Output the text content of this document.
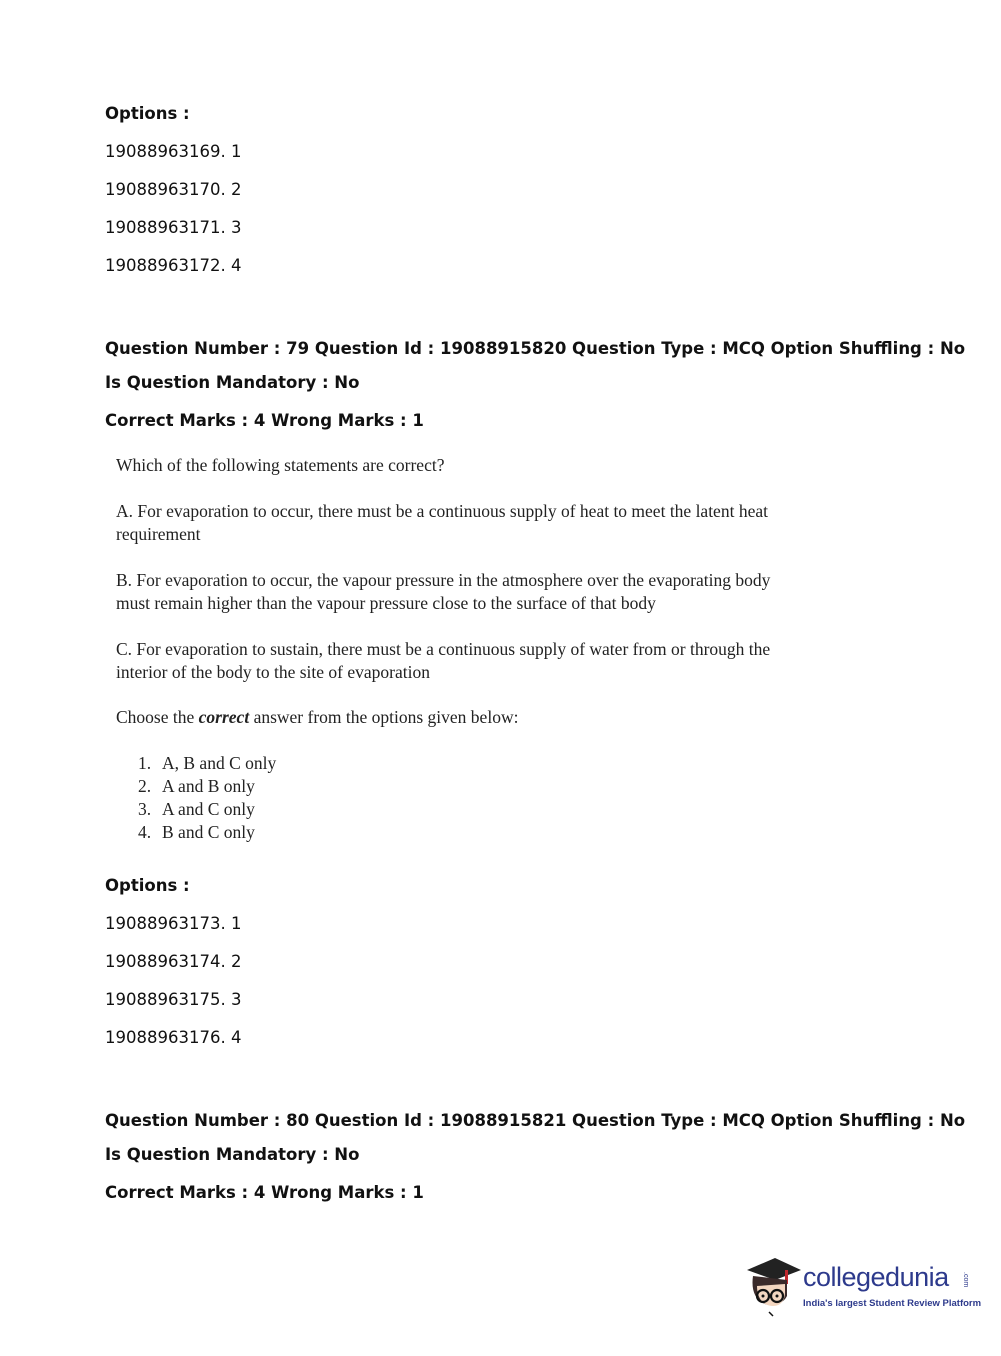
Options :
19088963169. 1
19088963170. 2
19088963171. 3
19088963172. 4
Question Number : 79 Question Id : 19088915820 Question Type : MCQ Option Shuffling : No
Is Question Mandatory : No
Correct Marks : 4 Wrong Marks : 1
Which of the following statements are correct?
A. For evaporation to occur, there must be a continuous supply of heat to meet the latent heat
requirement
B. For evaporation to occur, the vapour pressure in the atmosphere over the evaporating body
must remain higher than the vapour pressure close to the surface of that body
C. For evaporation to sustain, there must be a continuous supply of water from or through the
interior of the body to the site of evaporation
Choose the correct answer from the options given below:
1. A, B and C only
2. A and B only
3. A and C only
4. B and C only
Options :
19088963173. 1
19088963174. 2
19088963175. 3
19088963176. 4
Question Number : 80 Question Id : 19088915821 Question Type : MCQ Option Shuffling : No
Is Question Mandatory : No
Correct Marks : 4 Wrong Marks : 1
collegedunia .com
India's largest Student Review Platform
